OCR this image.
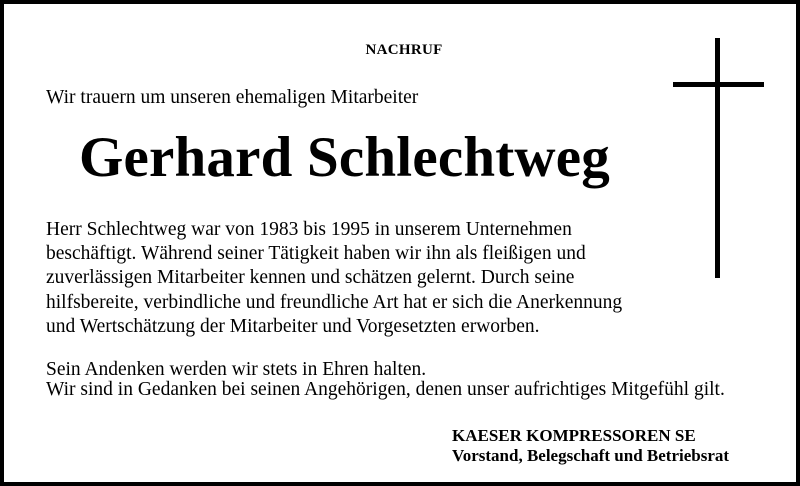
NACHRUF
Wir trauern um unseren ehemaligen Mitarbeiter
Gerhard Schlechtweg
Herr Schlechtweg war von 1983 bis 1995 in unserem Unternehmen
beschäftigt. Während seiner Tätigkeit haben wir ihn als fleißigen und
zuverlässigen Mitarbeiter kennen und schätzen gelernt. Durch seine
hilfsbereite, verbindliche und freundliche Art hat er sich die Anerkennung
und Wertschätzung der Mitarbeiter und Vorgesetzten erworben.
Sein Andenken werden wir stets in Ehren halten.
Wir sind in Gedanken bei seinen Angehörigen, denen unser aufrichtiges Mitgefühl gilt.
KAESER KOMPRESSOREN SE
Vorstand, Belegschaft und Betriebsrat
